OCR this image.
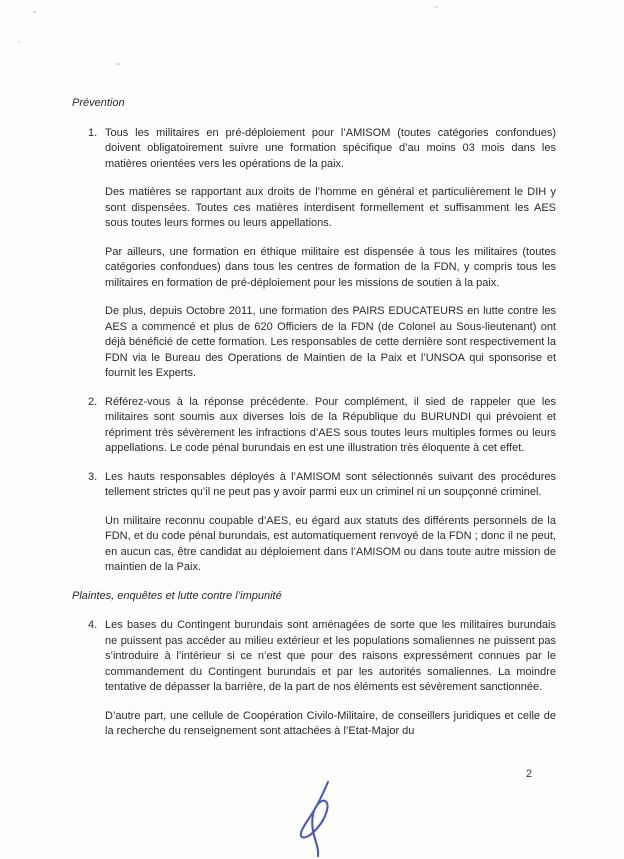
Prévention
1. Tous les militaires en pré-déploiement pour l’AMISOM (toutes catégories confondues) doivent obligatoirement suivre une formation spécifique d’au moins 03 mois dans les matières orientées vers les opérations de la paix.

Des matières se rapportant aux droits de l’homme en général et particulièrement le DIH y sont dispensées. Toutes ces matières interdisent formellement et suffisamment les AES sous toutes leurs formes ou leurs appellations.

Par ailleurs, une formation en éthique militaire est dispensée à tous les militaires (toutes catégories confondues) dans tous les centres de formation de la FDN, y compris tous les militaires en formation de pré-déploiement pour les missions de soutien à la paix.

De plus, depuis Octobre 2011, une formation des PAIRS EDUCATEURS en lutte contre les AES a commencé et plus de 620 Officiers de la FDN (de Colonel au Sous-lieutenant) ont déjà bénéficié de cette formation. Les responsables de cette dernière sont respectivement la FDN via le Bureau des Operations de Maintien de la Paix et l’UNSOA qui sponsorise et fournit les Experts.

2. Référez-vous à la réponse précédente. Pour complément, il sied de rappeler que les militaires sont soumis aux diverses lois de la République du BURUNDI qui prévoient et répriment très sévèrement les infractions d’AES sous toutes leurs multiples formes ou leurs appellations. Le code pénal burundais en est une illustration très éloquente à cet effet.

3. Les hauts responsables déployés à l’AMISOM sont sélectionnés suivant des procédures tellement strictes qu’il ne peut pas y avoir parmi eux un criminel ni un soupçonné criminel.

Un militaire reconnu coupable d’AES, eu égard aux statuts des différents personnels de la FDN, et du code pénal burundais, est automatiquement renvoyé de la FDN ; donc il ne peut, en aucun cas, être candidat au déploiement dans l’AMISOM ou dans toute autre mission de maintien de la Paix.

Plaintes, enquêtes et lutte contre l’impunité
4. Les bases du Contingent burundais sont aménagées de sorte que les militaires burundais ne puissent pas accéder au milieu extérieur et les populations somaliennes ne puissent pas s’introduire à l’intérieur si ce n’est que pour des raisons expressément connues par le commandement du Contingent burundais et par les autorités somaliennes. La moindre tentative de dépasser la barrière, de la part de nos éléments est sévèrement sanctionnée.

D’autre part, une cellule de Coopération Civilo-Militaire, de conseillers juridiques et celle de la recherche du renseignement sont attachées à l’Etat-Major du

2
